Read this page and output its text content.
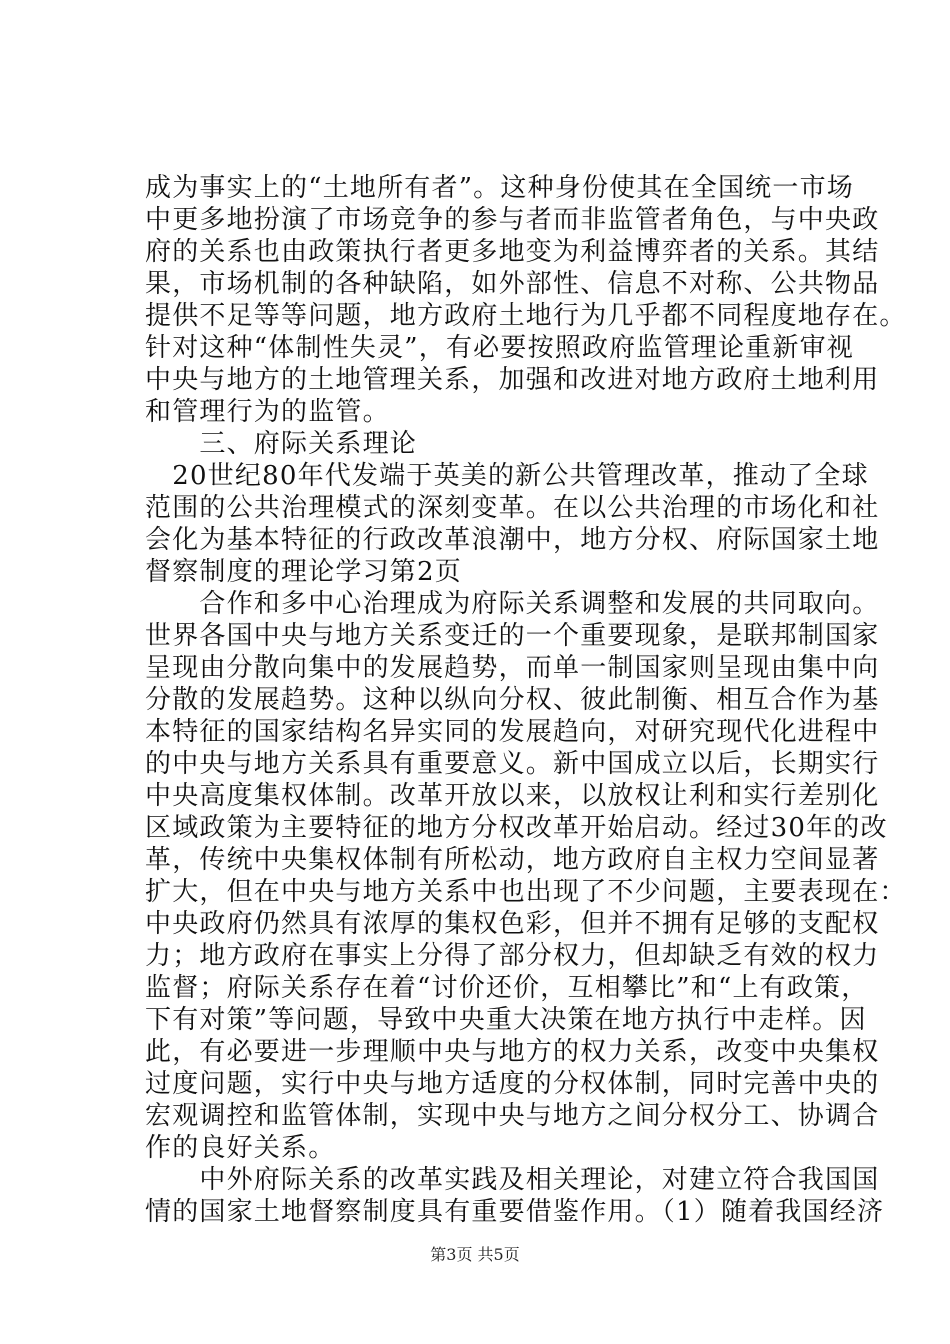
成为事实上的“土地所有者”。这种身份使其在全国统一市场
中更多地扮演了市场竞争的参与者而非监管者角色，与中央政
府的关系也由政策执行者更多地变为利益博弈者的关系。其结
果，市场机制的各种缺陷，如外部性、信息不对称、公共物品
提供不足等等问题，地方政府土地行为几乎都不同程度地存在。
针对这种“体制性失灵”，有必要按照政府监管理论重新审视
中央与地方的土地管理关系，加强和改进对地方政府土地利用
和管理行为的监管。
　　三、府际关系理论
　20世纪80年代发端于英美的新公共管理改革，推动了全球
范围的公共治理模式的深刻变革。在以公共治理的市场化和社
会化为基本特征的行政改革浪潮中，地方分权、府际国家土地
督察制度的理论学习第2页
　　合作和多中心治理成为府际关系调整和发展的共同取向。
世界各国中央与地方关系变迁的一个重要现象，是联邦制国家
呈现由分散向集中的发展趋势，而单一制国家则呈现由集中向
分散的发展趋势。这种以纵向分权、彼此制衡、相互合作为基
本特征的国家结构名异实同的发展趋向，对研究现代化进程中
的中央与地方关系具有重要意义。新中国成立以后，长期实行
中央高度集权体制。改革开放以来，以放权让利和实行差别化
区域政策为主要特征的地方分权改革开始启动。经过30年的改
革，传统中央集权体制有所松动，地方政府自主权力空间显著
扩大，但在中央与地方关系中也出现了不少问题，主要表现在：
中央政府仍然具有浓厚的集权色彩，但并不拥有足够的支配权
力；地方政府在事实上分得了部分权力，但却缺乏有效的权力
监督；府际关系存在着“讨价还价，互相攀比”和“上有政策，
下有对策”等问题，导致中央重大决策在地方执行中走样。因
此，有必要进一步理顺中央与地方的权力关系，改变中央集权
过度问题，实行中央与地方适度的分权体制，同时完善中央的
宏观调控和监管体制，实现中央与地方之间分权分工、协调合
作的良好关系。
　　中外府际关系的改革实践及相关理论，对建立符合我国国
情的国家土地督察制度具有重要借鉴作用。（1）随着我国经济
第3页 共5页
